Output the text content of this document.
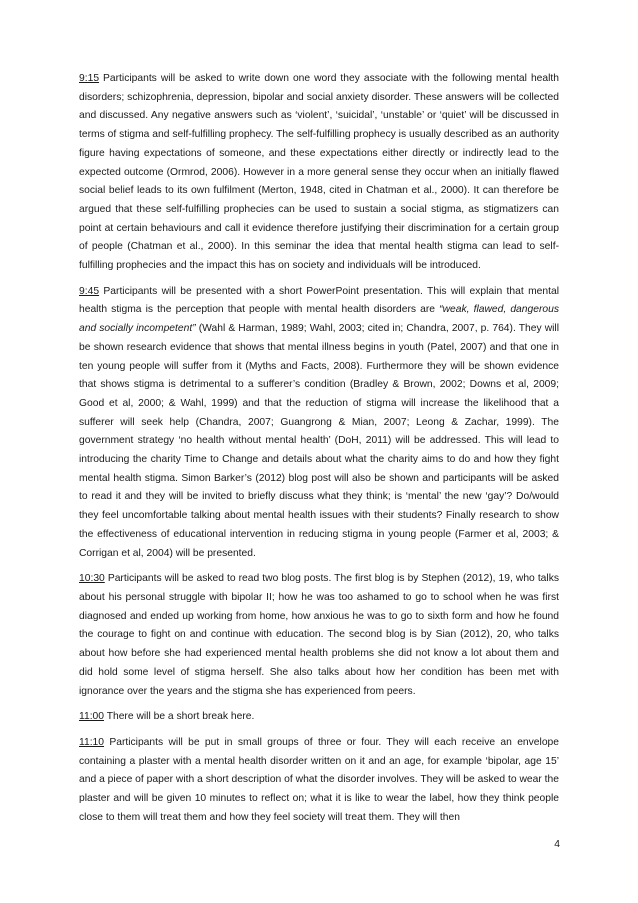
9:15 Participants will be asked to write down one word they associate with the following mental health disorders; schizophrenia, depression, bipolar and social anxiety disorder. These answers will be collected and discussed. Any negative answers such as ‘violent’, ‘suicidal’, ‘unstable’ or ‘quiet’ will be discussed in terms of stigma and self-fulfilling prophecy. The self-fulfilling prophecy is usually described as an authority figure having expectations of someone, and these expectations either directly or indirectly lead to the expected outcome (Ormrod, 2006). However in a more general sense they occur when an initially flawed social belief leads to its own fulfilment (Merton, 1948, cited in Chatman et al., 2000). It can therefore be argued that these self-fulfilling prophecies can be used to sustain a social stigma, as stigmatizers can point at certain behaviours and call it evidence therefore justifying their discrimination for a certain group of people (Chatman et al., 2000). In this seminar the idea that mental health stigma can lead to self-fulfilling prophecies and the impact this has on society and individuals will be introduced.

9:45 Participants will be presented with a short PowerPoint presentation. This will explain that mental health stigma is the perception that people with mental health disorders are “weak, flawed, dangerous and socially incompetent” (Wahl & Harman, 1989; Wahl, 2003; cited in; Chandra, 2007, p. 764). They will be shown research evidence that shows that mental illness begins in youth (Patel, 2007) and that one in ten young people will suffer from it (Myths and Facts, 2008). Furthermore they will be shown evidence that shows stigma is detrimental to a sufferer’s condition (Bradley & Brown, 2002; Downs et al, 2009; Good et al, 2000; & Wahl, 1999) and that the reduction of stigma will increase the likelihood that a sufferer will seek help (Chandra, 2007; Guangrong & Mian, 2007; Leong & Zachar, 1999). The government strategy ‘no health without mental health’ (DoH, 2011) will be addressed. This will lead to introducing the charity Time to Change and details about what the charity aims to do and how they fight mental health stigma. Simon Barker’s (2012) blog post will also be shown and participants will be asked to read it and they will be invited to briefly discuss what they think; is ‘mental’ the new ‘gay’? Do/would they feel uncomfortable talking about mental health issues with their students? Finally research to show the effectiveness of educational intervention in reducing stigma in young people (Farmer et al, 2003; & Corrigan et al, 2004) will be presented.

10:30 Participants will be asked to read two blog posts. The first blog is by Stephen (2012), 19, who talks about his personal struggle with bipolar II; how he was too ashamed to go to school when he was first diagnosed and ended up working from home, how anxious he was to go to sixth form and how he found the courage to fight on and continue with education. The second blog is by Sian (2012), 20, who talks about how before she had experienced mental health problems she did not know a lot about them and did hold some level of stigma herself. She also talks about how her condition has been met with ignorance over the years and the stigma she has experienced from peers.

11:00 There will be a short break here.

11:10 Participants will be put in small groups of three or four. They will each receive an envelope containing a plaster with a mental health disorder written on it and an age, for example ‘bipolar, age 15’ and a piece of paper with a short description of what the disorder involves. They will be asked to wear the plaster and will be given 10 minutes to reflect on; what it is like to wear the label, how they think people close to them will treat them and how they feel society will treat them. They will then

4
